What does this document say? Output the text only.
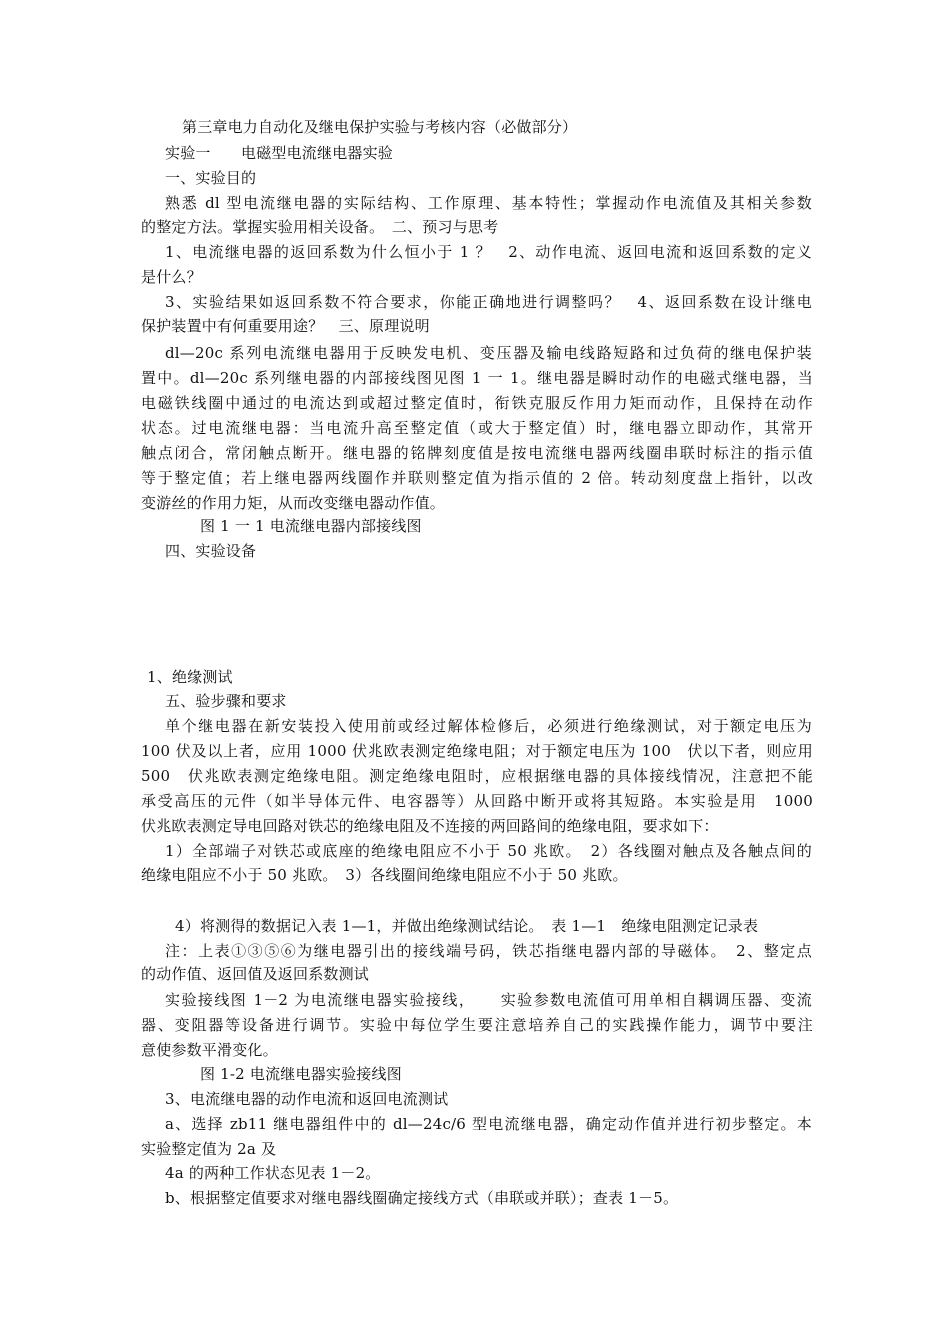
第三章电力自动化及继电保护实验与考核内容（必做部分）
实验一　　电磁型电流继电器实验
一、实验目的
熟悉 dl 型电流继电器的实际结构、工作原理、基本特性；掌握动作电流值及其相关参数
的整定方法。掌握实验用相关设备。　二、预习与思考
1、电流继电器的返回系数为什么恒小于 1 ？　2、动作电流、返回电流和返回系数的定义
是什么？
3、实验结果如返回系数不符合要求，你能正确地进行调整吗？　4、返回系数在设计继电
保护装置中有何重要用途？　三、原理说明
dl—20c 系列电流继电器用于反映发电机、变压器及输电线路短路和过负荷的继电保护装
置中。dl—20c 系列继电器的内部接线图见图 1 一 1。继电器是瞬时动作的电磁式继电器，当
电磁铁线圈中通过的电流达到或超过整定值时，衔铁克服反作用力矩而动作，且保持在动作
状态。过电流继电器：当电流升高至整定值（或大于整定值）时，继电器立即动作，其常开
触点闭合，常闭触点断开。继电器的铭牌刻度值是按电流继电器两线圈串联时标注的指示值
等于整定值；若上继电器两线圈作并联则整定值为指示值的 2 倍。转动刻度盘上指针，以改
变游丝的作用力矩，从而改变继电器动作值。
图 1 一 1 电流继电器内部接线图
四、实验设备
1、绝缘测试
五、验步骤和要求
单个继电器在新安装投入使用前或经过解体检修后，必须进行绝缘测试，对于额定电压为
100 伏及以上者，应用 1000 伏兆欧表测定绝缘电阻；对于额定电压为 100　伏以下者，则应用
500　伏兆欧表测定绝缘电阻。测定绝缘电阻时，应根据继电器的具体接线情况，注意把不能
承受高压的元件（如半导体元件、电容器等）从回路中断开或将其短路。本实验是用　1000
伏兆欧表测定导电回路对铁芯的绝缘电阻及不连接的两回路间的绝缘电阻，要求如下：
1）全部端子对铁芯或底座的绝缘电阻应不小于 50 兆欧。　2）各线圈对触点及各触点间的
绝缘电阻应不小于 50 兆欧。　3）各线圈间绝缘电阻应不小于 50 兆欧。
4）将测得的数据记入表 1—1，并做出绝缘测试结论。　表 1—1　绝缘电阻测定记录表
注：上表①③⑤⑥为继电器引出的接线端号码，铁芯指继电器内部的导磁体。　2、整定点
的动作值、返回值及返回系数测试
实验接线图 1－2 为电流继电器实验接线，　　实验参数电流值可用单相自耦调压器、变流
器、变阻器等设备进行调节。实验中每位学生要注意培养自己的实践操作能力，调节中要注
意使参数平滑变化。
图 1-2 电流继电器实验接线图
3、电流继电器的动作电流和返回电流测试
a、选择 zb11 继电器组件中的 dl—24c/6 型电流继电器，确定动作值并进行初步整定。本
实验整定值为 2a 及
4a 的两种工作状态见表 1－2。
b、根据整定值要求对继电器线圈确定接线方式（串联或并联）；查表 1－5。
